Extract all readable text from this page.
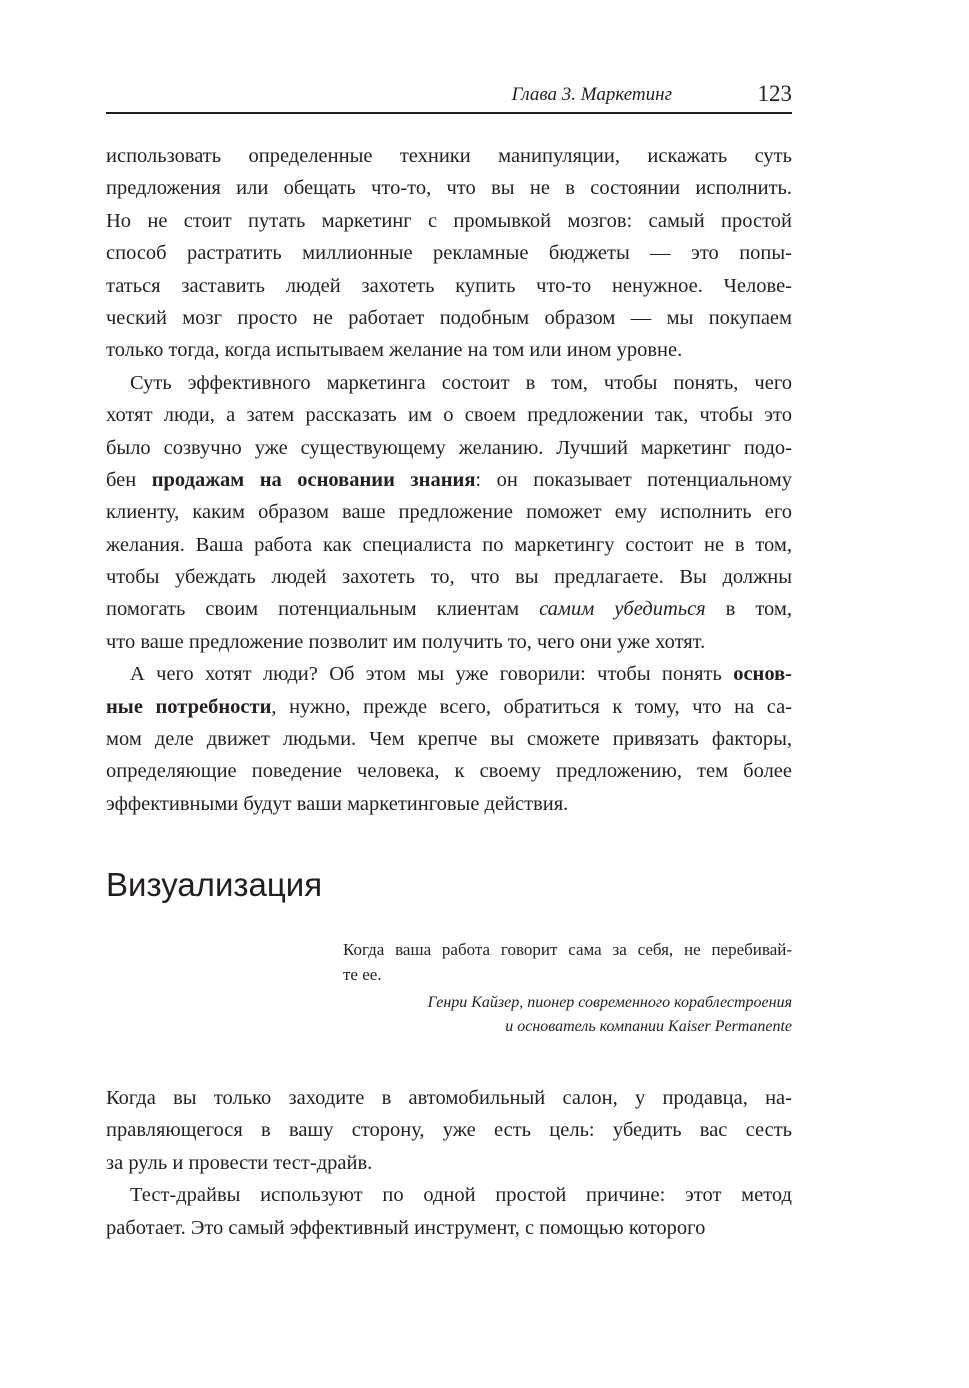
Глава 3. Маркетинг	123
использовать определенные техники манипуляции, искажать суть
предложения или обещать что-то, что вы не в состоянии исполнить.
Но не стоит путать маркетинг с промывкой мозгов: самый простой
способ растратить миллионные рекламные бюджеты — это попы-
таться заставить людей захотеть купить что-то ненужное. Челове-
ческий мозг просто не работает подобным образом — мы покупаем
только тогда, когда испытываем желание на том или ином уровне.
Суть эффективного маркетинга состоит в том, чтобы понять, чего
хотят люди, а затем рассказать им о своем предложении так, чтобы это
было созвучно уже существующему желанию. Лучший маркетинг подо-
бен продажам на основании знания: он показывает потенциальному
клиенту, каким образом ваше предложение поможет ему исполнить его
желания. Ваша работа как специалиста по маркетингу состоит не в том,
чтобы убеждать людей захотеть то, что вы предлагаете. Вы должны
помогать своим потенциальным клиентам самим убедиться в том,
что ваше предложение позволит им получить то, чего они уже хотят.
А чего хотят люди? Об этом мы уже говорили: чтобы понять основ-
ные потребности, нужно, прежде всего, обратиться к тому, что на са-
мом деле движет людьми. Чем крепче вы сможете привязать факторы,
определяющие поведение человека, к своему предложению, тем более
эффективными будут ваши маркетинговые действия.
Визуализация
Когда ваша работа говорит сама за себя, не перебивай-
те ее.
Генри Кайзер, пионер современного кораблестроения
и основатель компании Kaiser Permanente
Когда вы только заходите в автомобильный салон, у продавца, на-
правляющегося в вашу сторону, уже есть цель: убедить вас сесть
за руль и провести тест-драйв.
Тест-драйвы используют по одной простой причине: этот метод
работает. Это самый эффективный инструмент, с помощью которого
